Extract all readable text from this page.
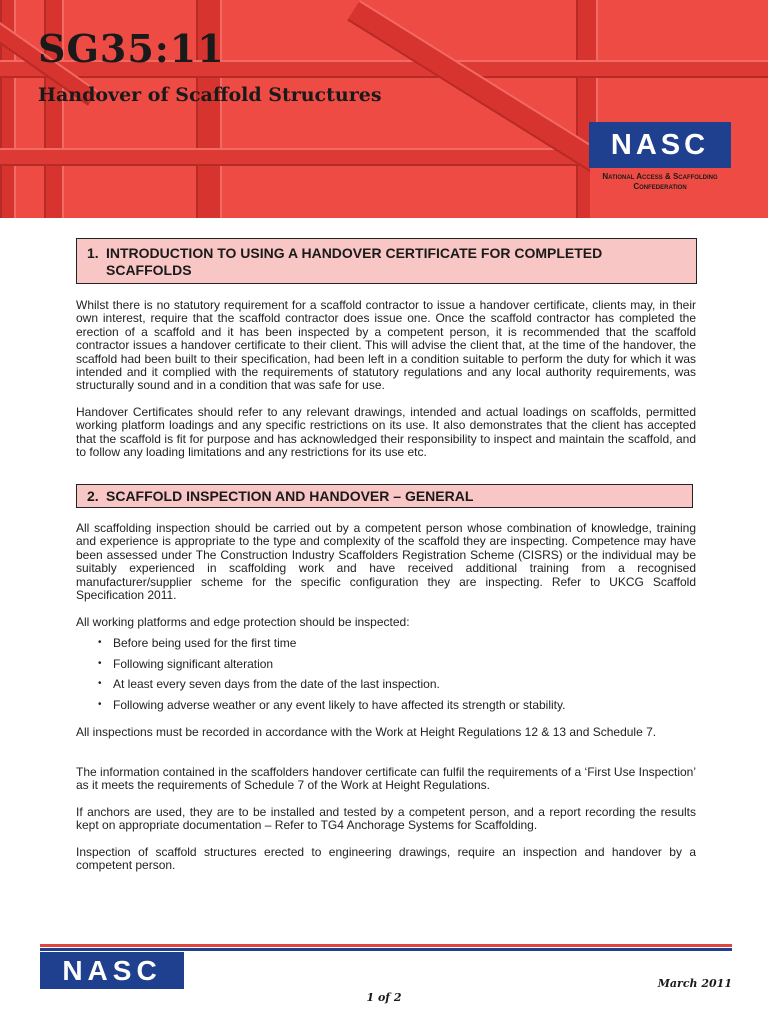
SG35:11
Handover of Scaffold Structures
NASC
National Access & Scaffolding
Confederation
1. INTRODUCTION TO USING A HANDOVER CERTIFICATE FOR COMPLETED SCAFFOLDS

Whilst there is no statutory requirement for a scaffold contractor to issue a handover certificate, clients may, in their own interest, require that the scaffold contractor does issue one. Once the scaffold contractor has completed the erection of a scaffold and it has been inspected by a competent person, it is recommended that the scaffold contractor issues a handover certificate to their client. This will advise the client that, at the time of the handover, the scaffold had been built to their specification, had been left in a condition suitable to perform the duty for which it was intended and it complied with the requirements of statutory regulations and any local authority requirements, was structurally sound and in a condition that was safe for use.

Handover Certificates should refer to any relevant drawings, intended and actual loadings on scaffolds, permitted working platform loadings and any specific restrictions on its use. It also demonstrates that the client has accepted that the scaffold is fit for purpose and has acknowledged their responsibility to inspect and maintain the scaffold, and to follow any loading limitations and any restrictions for its use etc.

2. SCAFFOLD INSPECTION AND HANDOVER – GENERAL

All scaffolding inspection should be carried out by a competent person whose combination of knowledge, training and experience is appropriate to the type and complexity of the scaffold they are inspecting. Competence may have been assessed under The Construction Industry Scaffolders Registration Scheme (CISRS) or the individual may be suitably experienced in scaffolding work and have received additional training from a recognised manufacturer/supplier scheme for the specific configuration they are inspecting. Refer to UKCG Scaffold Specification 2011.

All working platforms and edge protection should be inspected:

• Before being used for the first time
• Following significant alteration
• At least every seven days from the date of the last inspection.
• Following adverse weather or any event likely to have affected its strength or stability.

All inspections must be recorded in accordance with the Work at Height Regulations 12 & 13 and Schedule 7.

The information contained in the scaffolders handover certificate can fulfil the requirements of a ‘First Use Inspection’ as it meets the requirements of Schedule 7 of the Work at Height Regulations.

If anchors are used, they are to be installed and tested by a competent person, and a report recording the results kept on appropriate documentation – Refer to TG4 Anchorage Systems for Scaffolding.

Inspection of scaffold structures erected to engineering drawings, require an inspection and handover by a competent person.

NASC	March 2011
1 of 2
